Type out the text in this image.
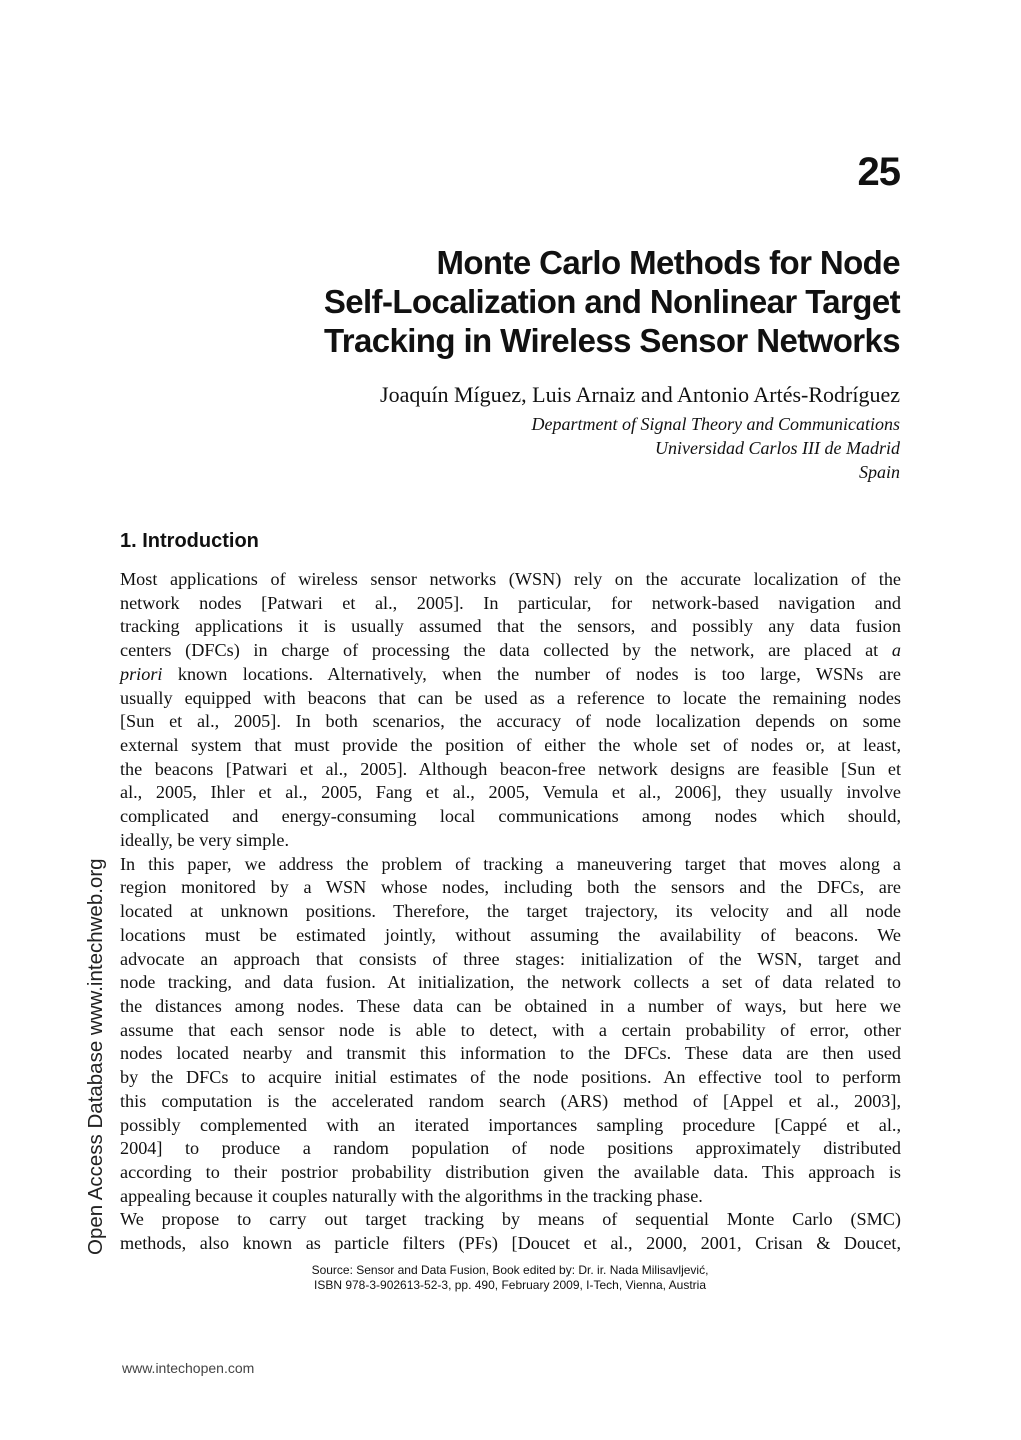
25
Monte Carlo Methods for Node
Self-Localization and Nonlinear Target
Tracking in Wireless Sensor Networks
Joaquín Míguez, Luis Arnaiz and Antonio Artés-Rodríguez
Department of Signal Theory and Communications
Universidad Carlos III de Madrid
Spain
1. Introduction
Most applications of wireless sensor networks (WSN) rely on the accurate localization of the
network nodes [Patwari et al., 2005]. In particular, for network-based navigation and
tracking applications it is usually assumed that the sensors, and possibly any data fusion
centers (DFCs) in charge of processing the data collected by the network, are placed at a
priori known locations. Alternatively, when the number of nodes is too large, WSNs are
usually equipped with beacons that can be used as a reference to locate the remaining nodes
[Sun et al., 2005]. In both scenarios, the accuracy of node localization depends on some
external system that must provide the position of either the whole set of nodes or, at least,
the beacons [Patwari et al., 2005]. Although beacon-free network designs are feasible [Sun et
al., 2005, Ihler et al., 2005, Fang et al., 2005, Vemula et al., 2006], they usually involve
complicated and energy-consuming local communications among nodes which should,
ideally, be very simple.
In this paper, we address the problem of tracking a maneuvering target that moves along a
region monitored by a WSN whose nodes, including both the sensors and the DFCs, are
located at unknown positions. Therefore, the target trajectory, its velocity and all node
locations must be estimated jointly, without assuming the availability of beacons. We
advocate an approach that consists of three stages: initialization of the WSN, target and
node tracking, and data fusion. At initialization, the network collects a set of data related to
the distances among nodes. These data can be obtained in a number of ways, but here we
assume that each sensor node is able to detect, with a certain probability of error, other
nodes located nearby and transmit this information to the DFCs. These data are then used
by the DFCs to acquire initial estimates of the node positions. An effective tool to perform
this computation is the accelerated random search (ARS) method of [Appel et al., 2003],
possibly complemented with an iterated importances sampling procedure [Cappé et al.,
2004] to produce a random population of node positions approximately distributed
according to their postrior probability distribution given the available data. This approach is
appealing because it couples naturally with the algorithms in the tracking phase.
We propose to carry out target tracking by means of sequential Monte Carlo (SMC)
methods, also known as particle filters (PFs) [Doucet et al., 2000, 2001, Crisan & Doucet,
Open Access Database www.intechweb.org
Source: Sensor and Data Fusion, Book edited by: Dr. ir. Nada Milisavljević,
ISBN 978-3-902613-52-3, pp. 490, February 2009, I-Tech, Vienna, Austria
www.intechopen.com
